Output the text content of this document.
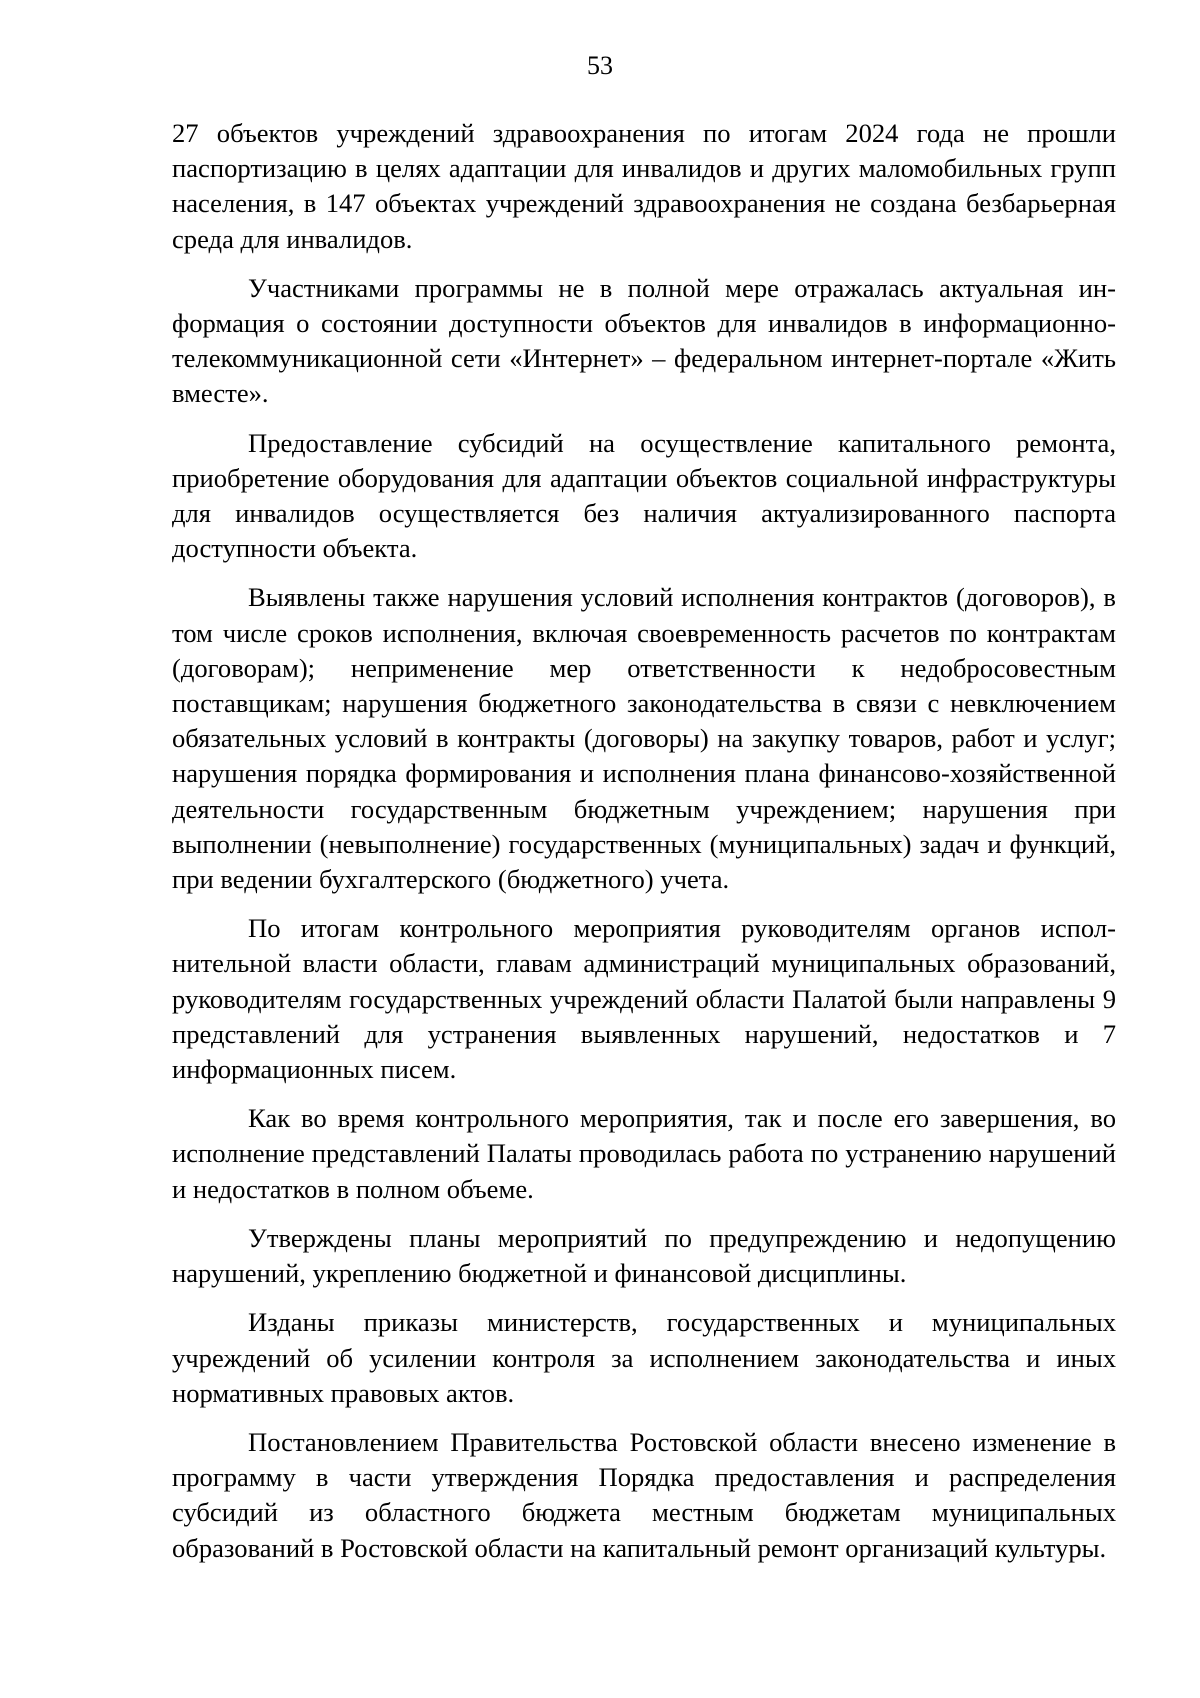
53

27 объектов учреждений здравоохранения по итогам 2024 года не прошли паспортизацию в целях адаптации для инвалидов и других маломобильных групп населения, в 147 объектах учреждений здравоохранения не создана безбарьерная среда для инвалидов.

Участниками программы не в полной мере отражалась актуальная информация о состоянии доступности объектов для инвалидов в информационно-телекоммуникационной сети «Интернет» – федеральном интернет-портале «Жить вместе».

Предоставление субсидий на осуществление капитального ремонта, приобретение оборудования для адаптации объектов социальной инфраструктуры для инвалидов осуществляется без наличия актуализированного паспорта доступности объекта.

Выявлены также нарушения условий исполнения контрактов (договоров), в том числе сроков исполнения, включая своевременность расчетов по контрактам (договорам); неприменение мер ответственности к недобросовестным поставщикам; нарушения бюджетного законодательства в связи с невключением обязательных условий в контракты (договоры) на закупку товаров, работ и услуг; нарушения порядка формирования и исполнения плана финансово-хозяйственной деятельности государственным бюджетным учреждением; нарушения при выполнении (невыполнение) государственных (муниципальных) задач и функций, при ведении бухгалтерского (бюджетного) учета.

По итогам контрольного мероприятия руководителям органов исполнительной власти области, главам администраций муниципальных образований, руководителям государственных учреждений области Палатой были направлены 9 представлений для устранения выявленных нарушений, недостатков и 7 информационных писем.

Как во время контрольного мероприятия, так и после его завершения, во исполнение представлений Палаты проводилась работа по устранению нарушений и недостатков в полном объеме.

Утверждены планы мероприятий по предупреждению и недопущению нарушений, укреплению бюджетной и финансовой дисциплины.

Изданы приказы министерств, государственных и муниципальных учреждений об усилении контроля за исполнением законодательства и иных нормативных правовых актов.

Постановлением Правительства Ростовской области внесено изменение в программу в части утверждения Порядка предоставления и распределения субсидий из областного бюджета местным бюджетам муниципальных образований в Ростовской области на капитальный ремонт организаций культуры.
